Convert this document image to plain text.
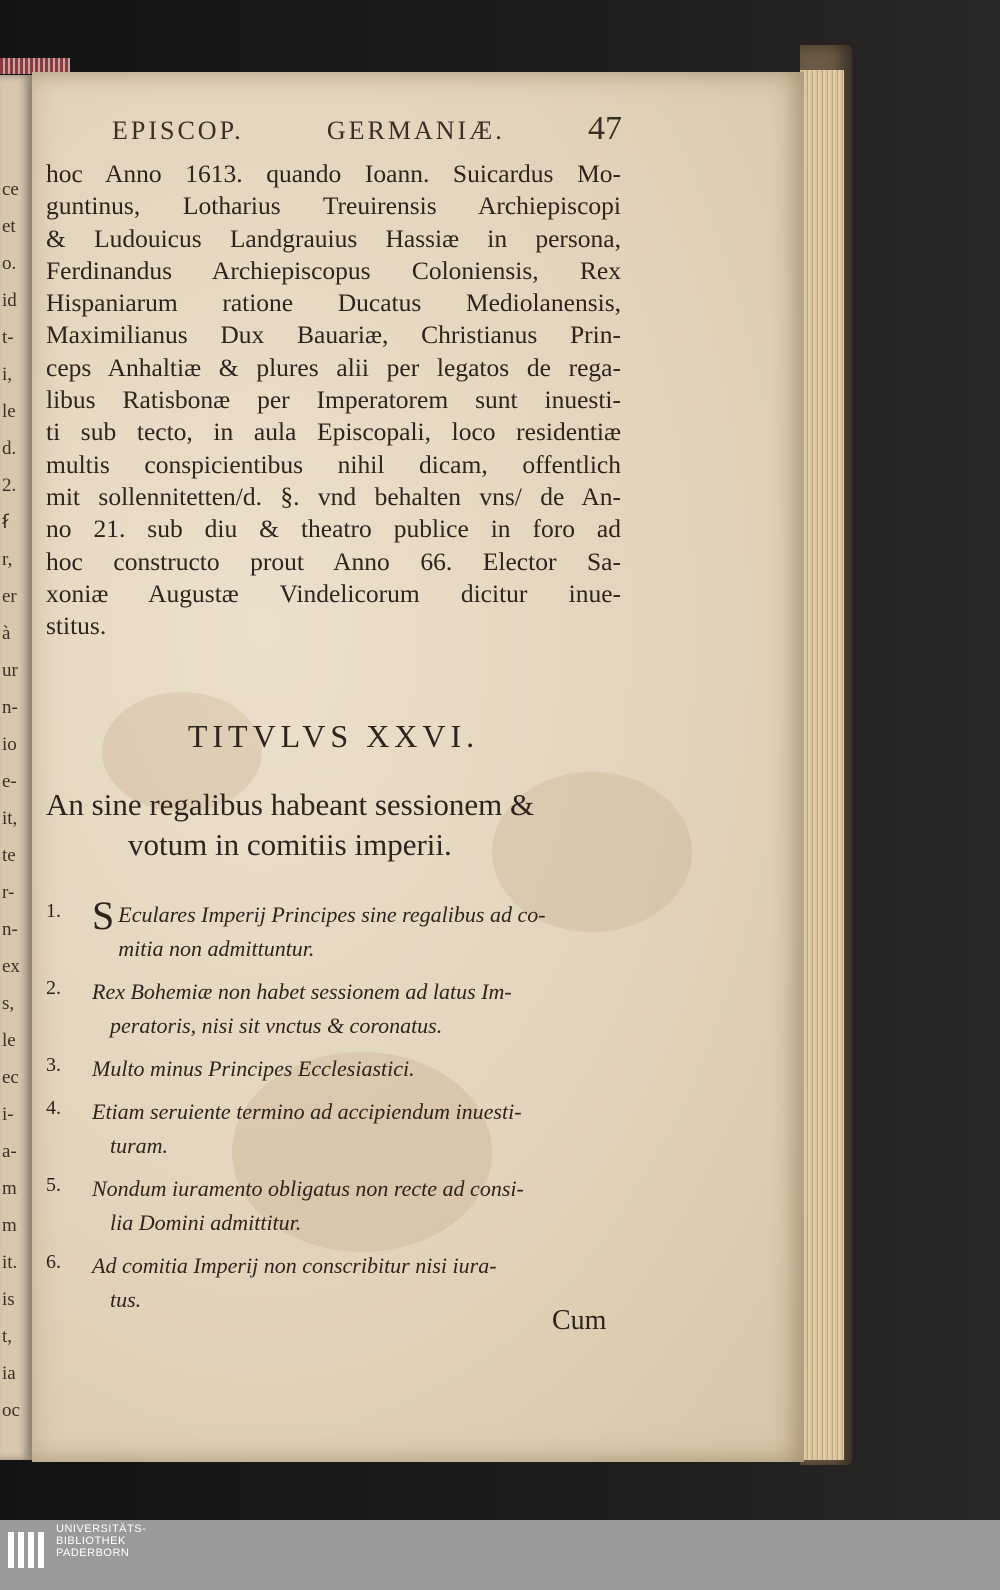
ce
et
o.
id
t-
i,
le
d.
2.
ẜ
r,
er
à
ur
n-
io
e-
it,
te
r-
n-
ex
s,
le
ec
i-
a-
m
m
it.
is
t,
ia
oc
EPISCOP.	GERMANIÆ. 47
hoc Anno 1613. quando Ioann. Suicardus Mo-
guntinus, Lotharius Treuirensis Archiepiscopi
& Ludouicus Landgrauius Hassiæ in persona,
Ferdinandus Archiepiscopus Coloniensis, Rex
Hispaniarum ratione Ducatus Mediolanensis,
Maximilianus Dux Bauariæ, Christianus Prin-
ceps Anhaltiæ & plures alii per legatos de rega-
libus Ratisbonæ per Imperatorem sunt inuesti-
ti sub tecto, in aula Episcopali, loco residentiæ
multis conspicientibus nihil dicam, offentlich
mit sollennitetten/d. §. vnd behalten vns/ de An-
no 21. sub diu & theatro publice in foro ad
hoc constructo prout Anno 66. Elector Sa-
xoniæ Augustæ Vindelicorum dicitur inue-
stitus.
TITVLVS XXVI.
An sine regalibus habeant sessionem &
votum in comitiis imperii.
1. S Eculares Imperij Principes sine regalibus ad co-
mitia non admittuntur.
2.	Rex Bohemiæ non habet sessionem ad latus Im-
peratoris, nisi sit vnctus & coronatus.
3.	Multo minus Principes Ecclesiastici.
4.	Etiam seruiente termino ad accipiendum inuesti-
turam.
5.	Nondum iuramento obligatus non recte ad consi-
lia Domini admittitur.
6.	Ad comitia Imperij non conscribitur nisi iura-
tus.
Cum
UNIVERSITÄTS-
BIBLIOTHEK
PADERBORN
